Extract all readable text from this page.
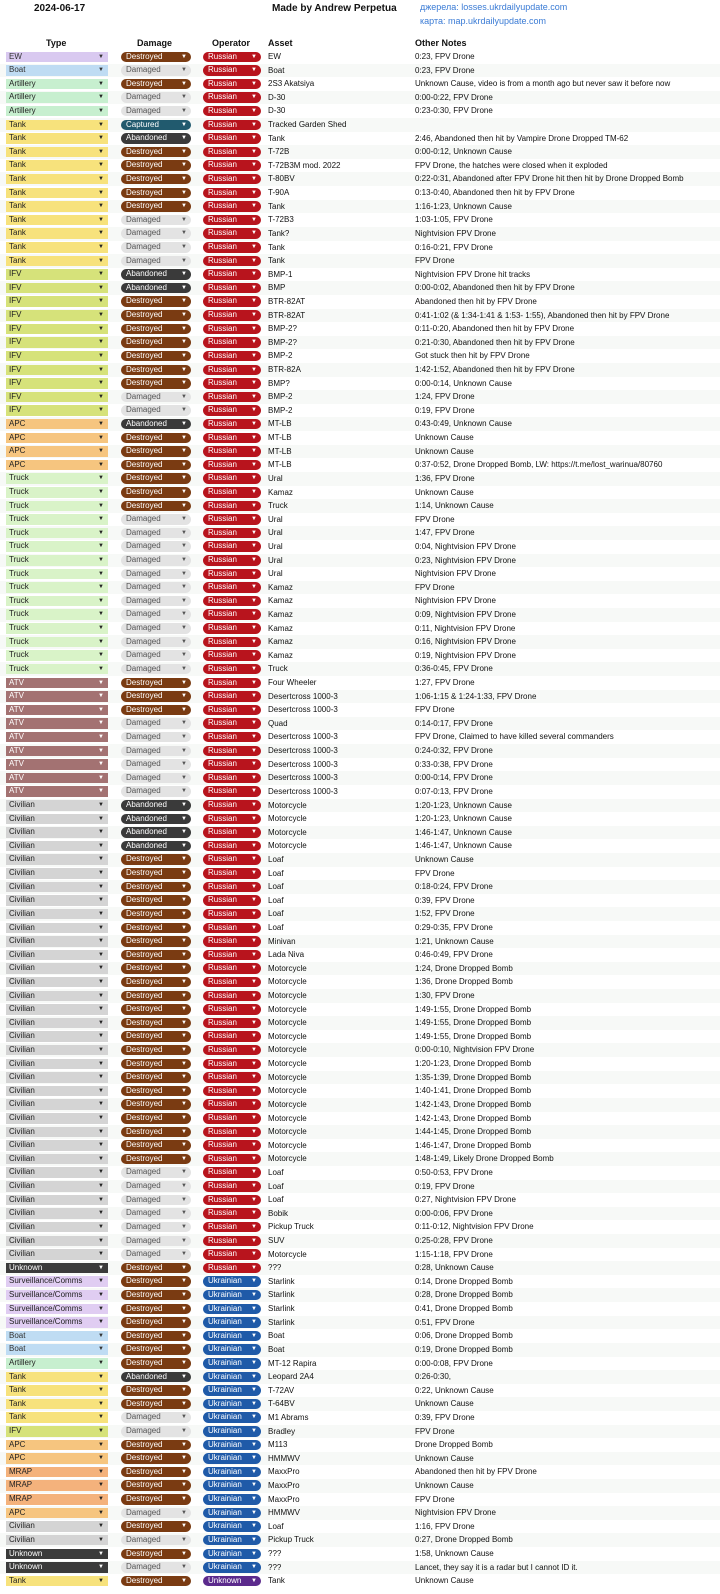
2024-06-17	Made by Andrew Perpetua	джерела: losses.ukrdailyupdate.com
карта: map.ukrdailyupdate.com
Type	Damage	Operator Asset	Other Notes
EW	▼	Destroyed	▼	Russian ▼ EW	0:23, FPV Drone
Boat	▼	Damaged	▼	Russian ▼ Boat	0:23, FPV Drone
Artillery	▼	Destroyed	▼	Russian ▼ 2S3 Akatsiya	Unknown Cause, video is from a month ago but never saw it before now
Artillery	▼	Damaged	▼	Russian ▼ D-30	0:00-0:22, FPV Drone
Artillery	▼	Damaged	▼	Russian ▼ D-30	0:23-0:30, FPV Drone
Tank	▼	Captured	▼	Russian ▼ Tracked Garden Shed
Tank	▼	Abandoned ▼	Russian ▼ Tank	2:46, Abandoned then hit by Vampire Drone Dropped TM-62
Tank	▼	Destroyed	▼	Russian ▼ T-72B	0:00-0:12, Unknown Cause
Tank	▼	Destroyed	▼	Russian ▼ T-72B3M mod. 2022	FPV Drone, the hatches were closed when it exploded
Tank	▼	Destroyed	▼	Russian ▼ T-80BV	0:22-0:31, Abandoned after FPV Drone hit then hit by Drone Dropped Bomb
Tank	▼	Destroyed	▼	Russian ▼ T-90A	0:13-0:40, Abandoned then hit by FPV Drone
Tank	▼	Destroyed	▼	Russian ▼ Tank	1:16-1:23, Unknown Cause
Tank	▼	Damaged	▼	Russian ▼ T-72B3	1:03-1:05, FPV Drone
Tank	▼	Damaged	▼	Russian ▼ Tank?	Nightvision FPV Drone
Tank	▼	Damaged	▼	Russian ▼ Tank	0:16-0:21, FPV Drone
Tank	▼	Damaged	▼	Russian ▼ Tank	FPV Drone
IFV	▼	Abandoned ▼	Russian ▼ BMP-1	Nightvision FPV Drone hit tracks
IFV	▼	Abandoned ▼	Russian ▼ BMP	0:00-0:02, Abandoned then hit by FPV Drone
IFV	▼	Destroyed	▼	Russian ▼ BTR-82AT	Abandoned then hit by FPV Drone
IFV	▼	Destroyed	▼	Russian ▼ BTR-82AT	0:41-1:02 (& 1:34-1:41 & 1:53- 1:55), Abandoned then hit by FPV Drone
IFV	▼	Destroyed	▼	Russian ▼ BMP-2?	0:11-0:20, Abandoned then hit by FPV Drone
IFV	▼	Destroyed	▼	Russian ▼ BMP-2?	0:21-0:30, Abandoned then hit by FPV Drone
IFV	▼	Destroyed	▼	Russian ▼ BMP-2	Got stuck then hit by FPV Drone
IFV	▼	Destroyed	▼	Russian ▼ BTR-82A	1:42-1:52, Abandoned then hit by FPV Drone
IFV	▼	Destroyed	▼	Russian ▼ BMP?	0:00-0:14, Unknown Cause
IFV	▼	Damaged	▼	Russian ▼ BMP-2	1:24, FPV Drone
IFV	▼	Damaged	▼	Russian ▼ BMP-2	0:19, FPV Drone
APC	▼	Abandoned ▼	Russian ▼ MT-LB	0:43-0:49, Unknown Cause
APC	▼	Destroyed	▼	Russian ▼ MT-LB	Unknown Cause
APC	▼	Destroyed	▼	Russian ▼ MT-LB	Unknown Cause
APC	▼	Destroyed	▼	Russian ▼ MT-LB	0:37-0:52, Drone Dropped Bomb, LW: https://t.me/lost_warinua/80760
Truck	▼	Destroyed	▼	Russian ▼ Ural	1:36, FPV Drone
Truck	▼	Destroyed	▼	Russian ▼ Kamaz	Unknown Cause
Truck	▼	Destroyed	▼	Russian ▼ Truck	1:14, Unknown Cause
Truck	▼	Damaged	▼	Russian ▼ Ural	FPV Drone
Truck	▼	Damaged	▼	Russian ▼ Ural	1:47, FPV Drone
Truck	▼	Damaged	▼	Russian ▼ Ural	0:04, Nightvision FPV Drone
Truck	▼	Damaged	▼	Russian ▼ Ural	0:23, Nightvision FPV Drone
Truck	▼	Damaged	▼	Russian ▼ Ural	Nightvision FPV Drone
Truck	▼	Damaged	▼	Russian ▼ Kamaz	FPV Drone
Truck	▼	Damaged	▼	Russian ▼ Kamaz	Nightvision FPV Drone
Truck	▼	Damaged	▼	Russian ▼ Kamaz	0:09, Nightvision FPV Drone
Truck	▼	Damaged	▼	Russian ▼ Kamaz	0:11, Nightvision FPV Drone
Truck	▼	Damaged	▼	Russian ▼ Kamaz	0:16, Nightvision FPV Drone
Truck	▼	Damaged	▼	Russian ▼ Kamaz	0:19, Nightvision FPV Drone
Truck	▼	Damaged	▼	Russian ▼ Truck	0:36-0:45, FPV Drone
ATV	▼	Destroyed	▼	Russian ▼ Four Wheeler	1:27, FPV Drone
ATV	▼	Destroyed	▼	Russian ▼ Desertcross 1000-3	1:06-1:15 & 1:24-1:33, FPV Drone
ATV	▼	Destroyed	▼	Russian ▼ Desertcross 1000-3	FPV Drone
ATV	▼	Damaged	▼	Russian ▼ Quad	0:14-0:17, FPV Drone
ATV	▼	Damaged	▼	Russian ▼ Desertcross 1000-3	FPV Drone, Claimed to have killed several commanders
ATV	▼	Damaged	▼	Russian ▼ Desertcross 1000-3	0:24-0:32, FPV Drone
ATV	▼	Damaged	▼	Russian ▼ Desertcross 1000-3	0:33-0:38, FPV Drone
ATV	▼	Damaged	▼	Russian ▼ Desertcross 1000-3	0:00-0:14, FPV Drone
ATV	▼	Damaged	▼	Russian ▼ Desertcross 1000-3	0:07-0:13, FPV Drone
Civilian	▼	Abandoned ▼	Russian ▼ Motorcycle	1:20-1:23, Unknown Cause
Civilian	▼	Abandoned ▼	Russian ▼ Motorcycle	1:20-1:23, Unknown Cause
Civilian	▼	Abandoned ▼	Russian ▼ Motorcycle	1:46-1:47, Unknown Cause
Civilian	▼	Abandoned ▼	Russian ▼ Motorcycle	1:46-1:47, Unknown Cause
Civilian	▼	Destroyed	▼	Russian ▼ Loaf	Unknown Cause
Civilian	▼	Destroyed	▼	Russian ▼ Loaf	FPV Drone
Civilian	▼	Destroyed	▼	Russian ▼ Loaf	0:18-0:24, FPV Drone
Civilian	▼	Destroyed	▼	Russian ▼ Loaf	0:39, FPV Drone
Civilian	▼	Destroyed	▼	Russian ▼ Loaf	1:52, FPV Drone
Civilian	▼	Destroyed	▼	Russian ▼ Loaf	0:29-0:35, FPV Drone
Civilian	▼	Destroyed	▼	Russian ▼ Minivan	1:21, Unknown Cause
Civilian	▼	Destroyed	▼	Russian ▼ Lada Niva	0:46-0:49, FPV Drone
Civilian	▼	Destroyed	▼	Russian ▼ Motorcycle	1:24, Drone Dropped Bomb
Civilian	▼	Destroyed	▼	Russian ▼ Motorcycle	1:36, Drone Dropped Bomb
Civilian	▼	Destroyed	▼	Russian ▼ Motorcycle	1:30, FPV Drone
Civilian	▼	Destroyed	▼	Russian ▼ Motorcycle	1:49-1:55, Drone Dropped Bomb
Civilian	▼	Destroyed	▼	Russian ▼ Motorcycle	1:49-1:55, Drone Dropped Bomb
Civilian	▼	Destroyed	▼	Russian ▼ Motorcycle	1:49-1:55, Drone Dropped Bomb
Civilian	▼	Destroyed	▼	Russian ▼ Motorcycle	0:00-0:10, Nightvision FPV Drone
Civilian	▼	Destroyed	▼	Russian ▼ Motorcycle	1:20-1:23, Drone Dropped Bomb
Civilian	▼	Destroyed	▼	Russian ▼ Motorcycle	1:35-1:39, Drone Dropped Bomb
Civilian	▼	Destroyed	▼	Russian ▼ Motorcycle	1:40-1:41, Drone Dropped Bomb
Civilian	▼	Destroyed	▼	Russian ▼ Motorcycle	1:42-1:43, Drone Dropped Bomb
Civilian	▼	Destroyed	▼	Russian ▼ Motorcycle	1:42-1:43, Drone Dropped Bomb
Civilian	▼	Destroyed	▼	Russian ▼ Motorcycle	1:44-1:45, Drone Dropped Bomb
Civilian	▼	Destroyed	▼	Russian ▼ Motorcycle	1:46-1:47, Drone Dropped Bomb
Civilian	▼	Destroyed	▼	Russian ▼ Motorcycle	1:48-1:49, Likely Drone Dropped Bomb
Civilian	▼	Damaged	▼	Russian ▼ Loaf	0:50-0:53, FPV Drone
Civilian	▼	Damaged	▼	Russian ▼ Loaf	0:19, FPV Drone
Civilian	▼	Damaged	▼	Russian ▼ Loaf	0:27, Nightvision FPV Drone
Civilian	▼	Damaged	▼	Russian ▼ Bobik	0:00-0:06, FPV Drone
Civilian	▼	Damaged	▼	Russian ▼ Pickup Truck	0:11-0:12, Nightvision FPV Drone
Civilian	▼	Damaged	▼	Russian ▼ SUV	0:25-0:28, FPV Drone
Civilian	▼	Damaged	▼	Russian ▼ Motorcycle	1:15-1:18, FPV Drone
Unknown	▼	Destroyed	▼	Russian ▼ ???	0:28, Unknown Cause
Surveillance/Comms	▼	Destroyed	▼	Ukrainian ▼ Starlink	0:14, Drone Dropped Bomb
Surveillance/Comms	▼	Destroyed	▼	Ukrainian ▼ Starlink	0:28, Drone Dropped Bomb
Surveillance/Comms	▼	Destroyed	▼	Ukrainian ▼ Starlink	0:41, Drone Dropped Bomb
Surveillance/Comms	▼	Destroyed	▼	Ukrainian ▼ Starlink	0:51, FPV Drone
Boat	▼	Destroyed	▼	Ukrainian ▼ Boat	0:06, Drone Dropped Bomb
Boat	▼	Destroyed	▼	Ukrainian ▼ Boat	0:19, Drone Dropped Bomb
Artillery	▼	Destroyed	▼	Ukrainian ▼ MT-12 Rapira	0:00-0:08, FPV Drone
Tank	▼	Abandoned ▼	Ukrainian ▼ Leopard 2A4	0:26-0:30,
Tank	▼	Destroyed	▼	Ukrainian ▼ T-72AV	0:22, Unknown Cause
Tank	▼	Destroyed	▼	Ukrainian ▼ T-64BV	Unknown Cause
Tank	▼	Damaged	▼	Ukrainian ▼ M1 Abrams	0:39, FPV Drone
IFV	▼	Damaged	▼	Ukrainian ▼ Bradley	FPV Drone
APC	▼	Destroyed	▼	Ukrainian ▼ M113	Drone Dropped Bomb
APC	▼	Destroyed	▼	Ukrainian ▼ HMMWV	Unknown Cause
MRAP	▼	Destroyed	▼	Ukrainian ▼ MaxxPro	Abandoned then hit by FPV Drone
MRAP	▼	Destroyed	▼	Ukrainian ▼ MaxxPro	Unknown Cause
MRAP	▼	Destroyed	▼	Ukrainian ▼ MaxxPro	FPV Drone
APC	▼	Damaged	▼	Ukrainian ▼ HMMWV	Nightvision FPV Drone
Civilian	▼	Destroyed	▼	Ukrainian ▼ Loaf	1:16, FPV Drone
Civilian	▼	Damaged	▼	Ukrainian ▼ Pickup Truck	0:27, Drone Dropped Bomb
Unknown	▼	Destroyed	▼	Ukrainian ▼ ???	1:58, Unknown Cause
Unknown	▼	Damaged	▼	Ukrainian ▼ ???	Lancet, they say it is a radar but I cannot ID it.
Tank	▼	Destroyed	▼	Unknown ▼ Tank	Unknown Cause
